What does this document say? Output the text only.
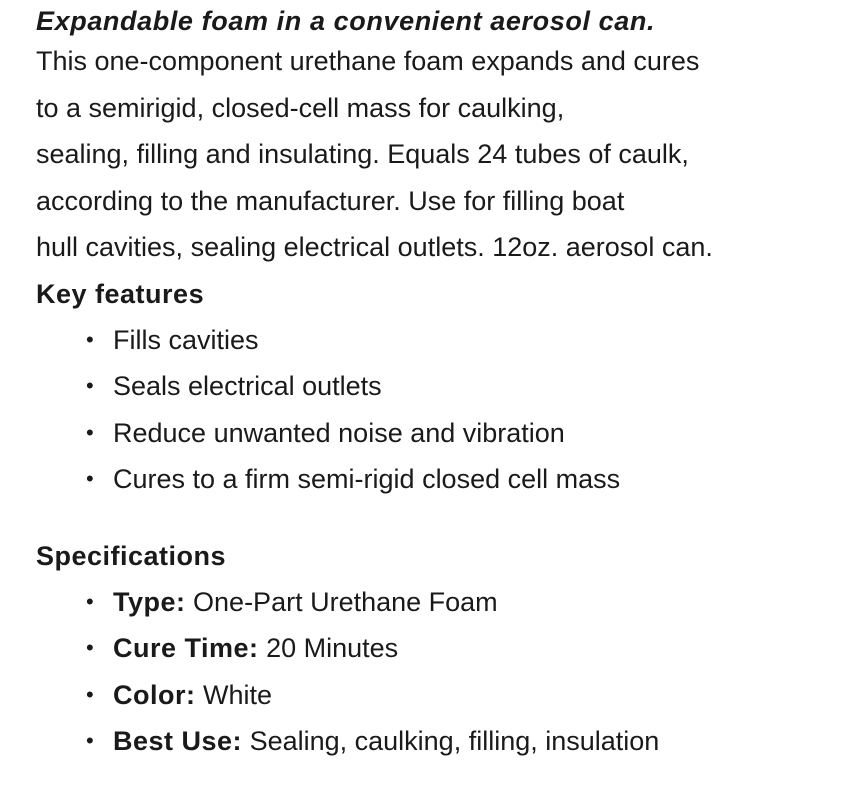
Expandable foam in a convenient aerosol can.

This one-component urethane foam expands and cures
to a semirigid, closed-cell mass for caulking,
sealing, filling and insulating. Equals 24 tubes of caulk,
according to the manufacturer. Use for filling boat
hull cavities, sealing electrical outlets. 12oz. aerosol can.

Key features
• Fills cavities
• Seals electrical outlets
• Reduce unwanted noise and vibration
• Cures to a firm semi-rigid closed cell mass
Specifications
• Type: One-Part Urethane Foam
• Cure Time: 20 Minutes
• Color: White
• Best Use: Sealing, caulking, filling, insulation
